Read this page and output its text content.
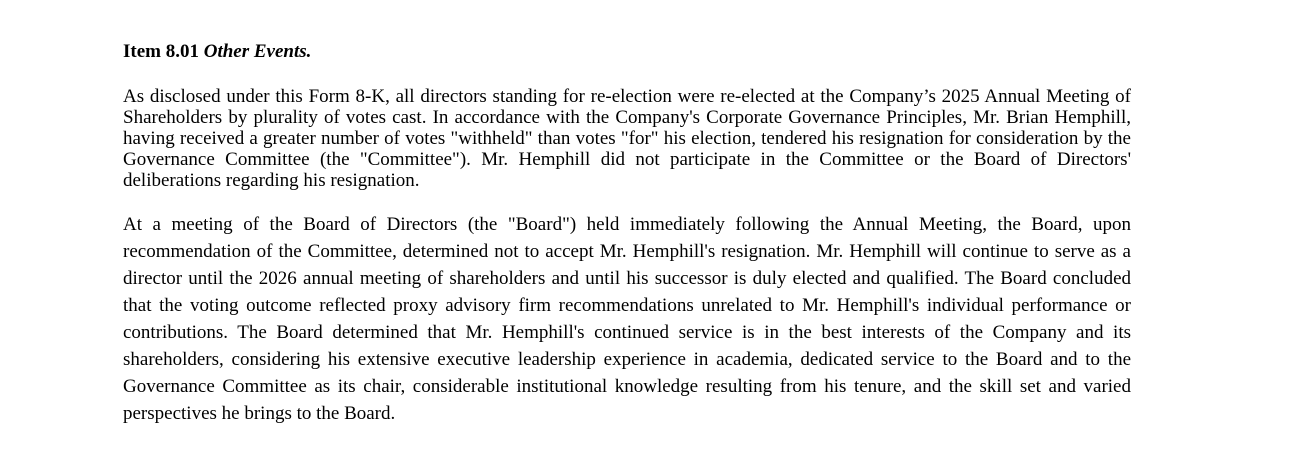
Item 8.01 Other Events.

As disclosed under this Form 8-K, all directors standing for re-election were re-elected at the Company’s 2025 Annual Meeting of Shareholders by plurality of votes cast. In accordance with the Company's Corporate Governance Principles, Mr. Brian Hemphill, having received a greater number of votes "withheld" than votes "for" his election, tendered his resignation for consideration by the Governance Committee (the "Committee"). Mr. Hemphill did not participate in the Committee or the Board of Directors' deliberations regarding his resignation.

At a meeting of the Board of Directors (the "Board") held immediately following the Annual Meeting, the Board, upon recommendation of the Committee, determined not to accept Mr. Hemphill's resignation. Mr. Hemphill will continue to serve as a director until the 2026 annual meeting of shareholders and until his successor is duly elected and qualified. The Board concluded that the voting outcome reflected proxy advisory firm recommendations unrelated to Mr. Hemphill's individual performance or contributions. The Board determined that Mr. Hemphill's continued service is in the best interests of the Company and its shareholders, considering his extensive executive leadership experience in academia, dedicated service to the Board and to the Governance Committee as its chair, considerable institutional knowledge resulting from his tenure, and the skill set and varied perspectives he brings to the Board.
